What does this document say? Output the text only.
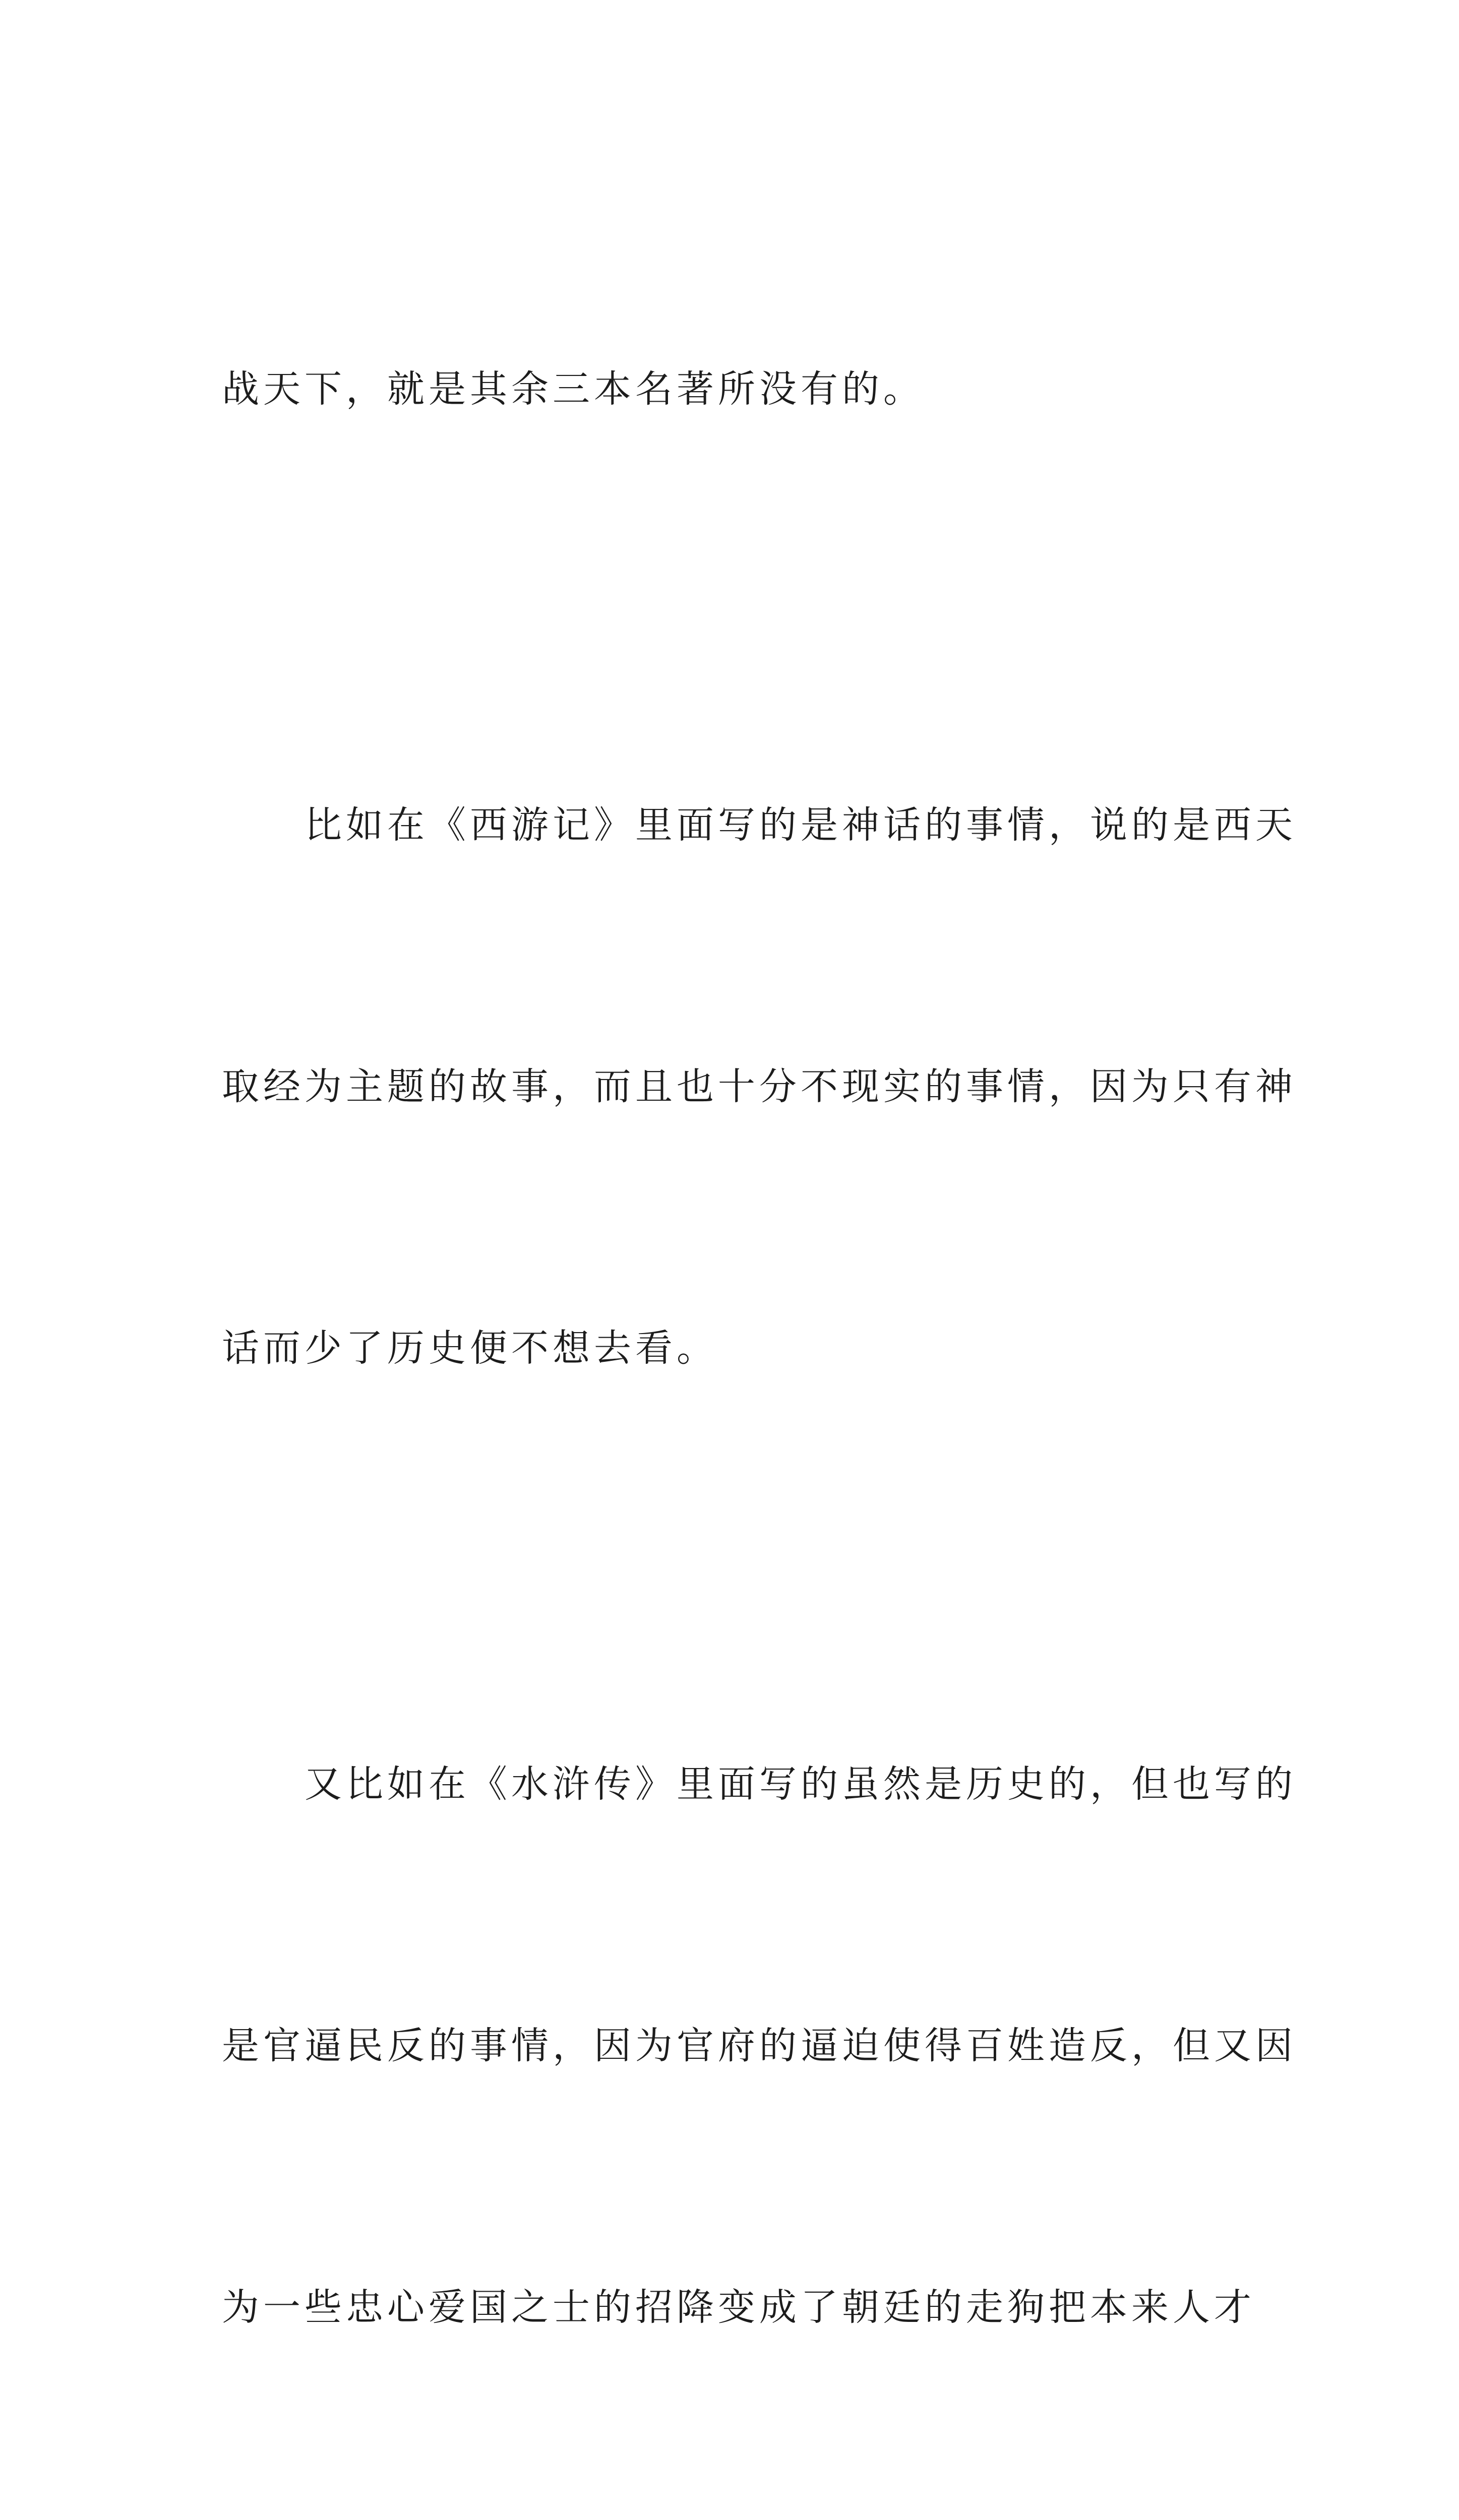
战天下，就是其余三本名著所没有的。

　　比如在《西游记》里面写的是神话的事情，说的是西天

取经为主题的故事，而且也十分不现实的事情，因为只有神

话而少了历史便不想去看。

　　又比如在《水浒传》里面写的虽然是历史的，但也写的

是官逼民反的事情，因为官府的逼迫使得百姓造反，但又因

为一些忠心爱国之士的招降变成了朝廷的走狗把本来人才
